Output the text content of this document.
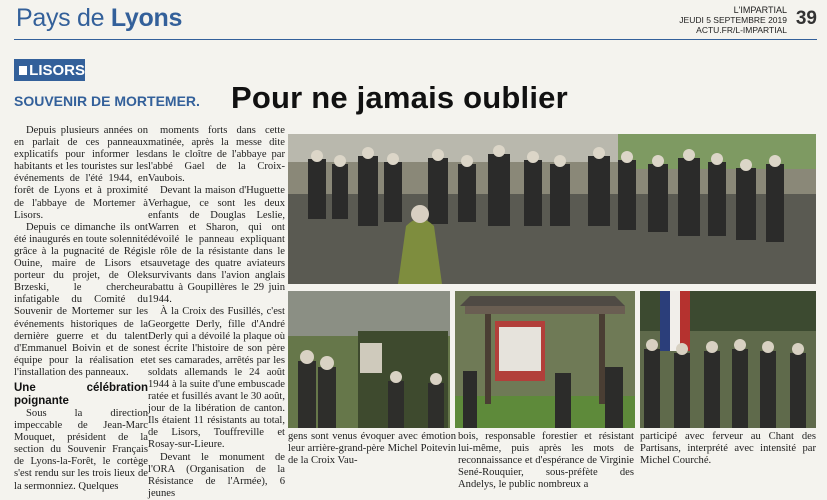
Pays de Lyons	L'IMPARTIAL
JEUDI 5 SEPTEMBRE 2019
ACTU.FR/L-IMPARTIAL
39
LISORS
SOUVENIR DE MORTEMER. Pour ne jamais oublier

Depuis plusieurs années on en parlait de ces panneaux explicatifs pour informer les habitants et les touristes sur les événements de l'été 1944, en forêt de Lyons et à proximité de l'abbaye de Mortemer à Lisors.

Depuis ce dimanche ils ont été inaugurés en toute solennité grâce à la pugnacité de Régis Ouine, maire de Lisors et porteur du projet, de Olek Brzeski, le chercheur infatigable du Comité du Souvenir de Mortemer sur les événements historiques de la dernière guerre et du talent d'Emmanuel Boivin et de son équipe pour la réalisation et l'installation des panneaux.

Une célébration poignante

Sous la direction impeccable de Jean-Marc Mouquet, président de la section du Souvenir Français de Lyons-la-Forêt, le cortège s'est rendu sur les trois lieux de la sermonniez. Quelques

moments forts dans cette matinée, après la messe dite dans le cloître de l'abbaye par l'abbé Gael de la Croix-Vaubois.

Devant la maison d'Huguette Verhague, ce sont les deux enfants de Douglas Leslie, Warren et Sharon, qui ont dévoilé le panneau expliquant le rôle de la résistante dans le sauvetage des quatre aviateurs survivants dans l'avion anglais abattu à Goupillères le 29 juin 1944.

À la Croix des Fusillés, c'est Georgette Derly, fille d'André Derly qui a dévoilé la plaque où est écrite l'histoire de son père et ses camarades, arrêtés par les soldats allemands le 24 août 1944 à la suite d'une embuscade ratée et fusillés avant le 30 août, jour de la libération de canton. Ils étaient 11 résistants au total, de Lisors, Touffreville et Rosay-sur-Lieure.

Devant le monument de l'ORA (Organisation de la Résistance de l'Armée), 6 jeunes

gens sont venus évoquer avec émotion leur arrière-grand-père Michel Poitevin de la Croix Vau-

bois, responsable forestier et résistant lui-même, puis après les mots de reconnaissance et d'espérance de Virginie Sené-Rouquier, sous-préfète des Andelys, le public nombreux a

participé avec ferveur au Chant des Partisans, interprété avec intensité par Michel Courché.
